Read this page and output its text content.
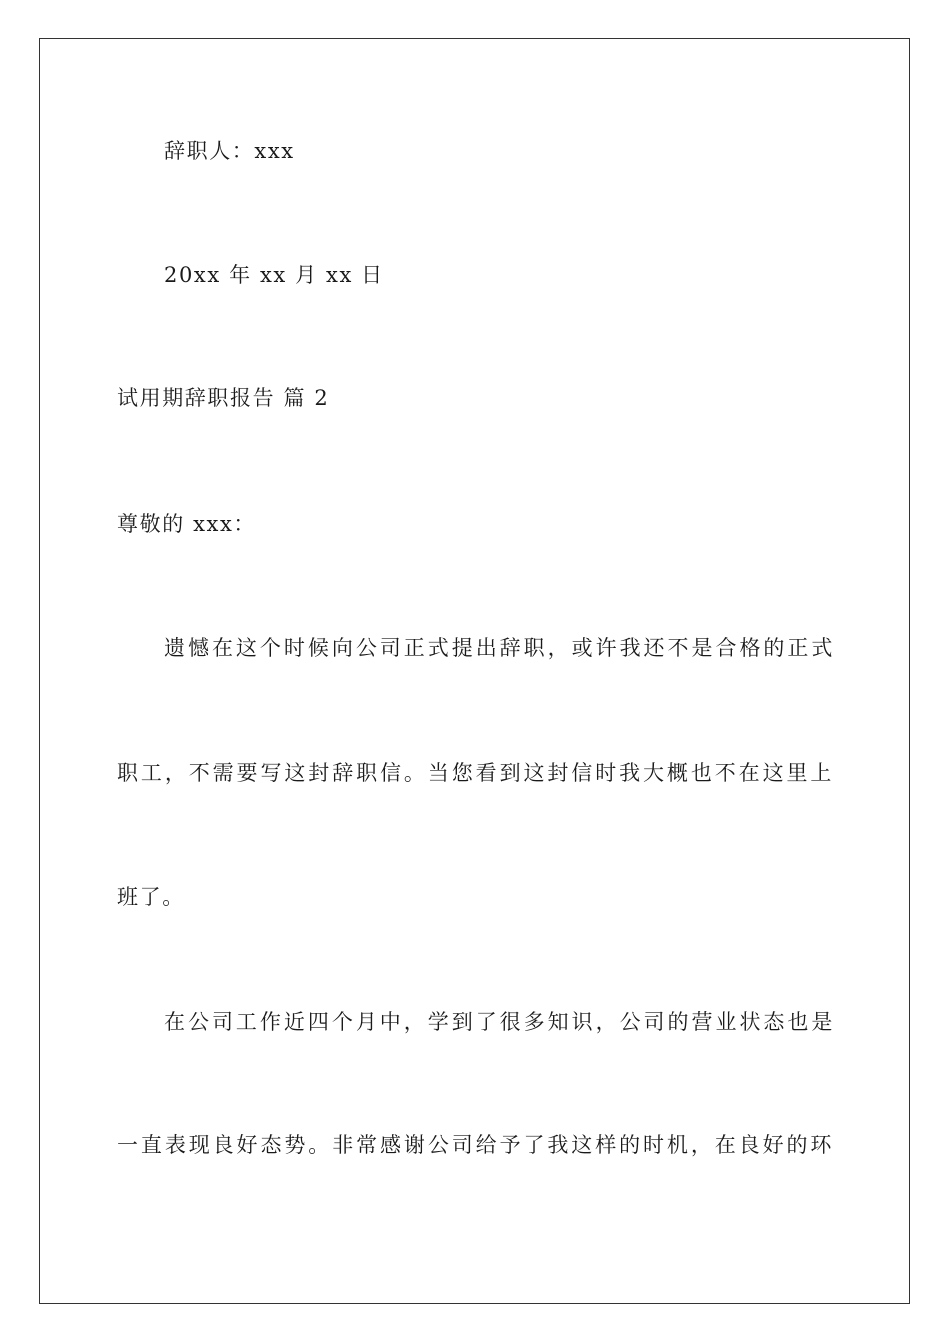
辞职人：xxx
20xx 年 xx 月 xx 日
试用期辞职报告 篇 2
尊敬的 xxx：
遗憾在这个时候向公司正式提出辞职，或许我还不是合格的正式
职工，不需要写这封辞职信。当您看到这封信时我大概也不在这里上
班了。
在公司工作近四个月中，学到了很多知识，公司的营业状态也是
一直表现良好态势。非常感谢公司给予了我这样的时机，在良好的环
